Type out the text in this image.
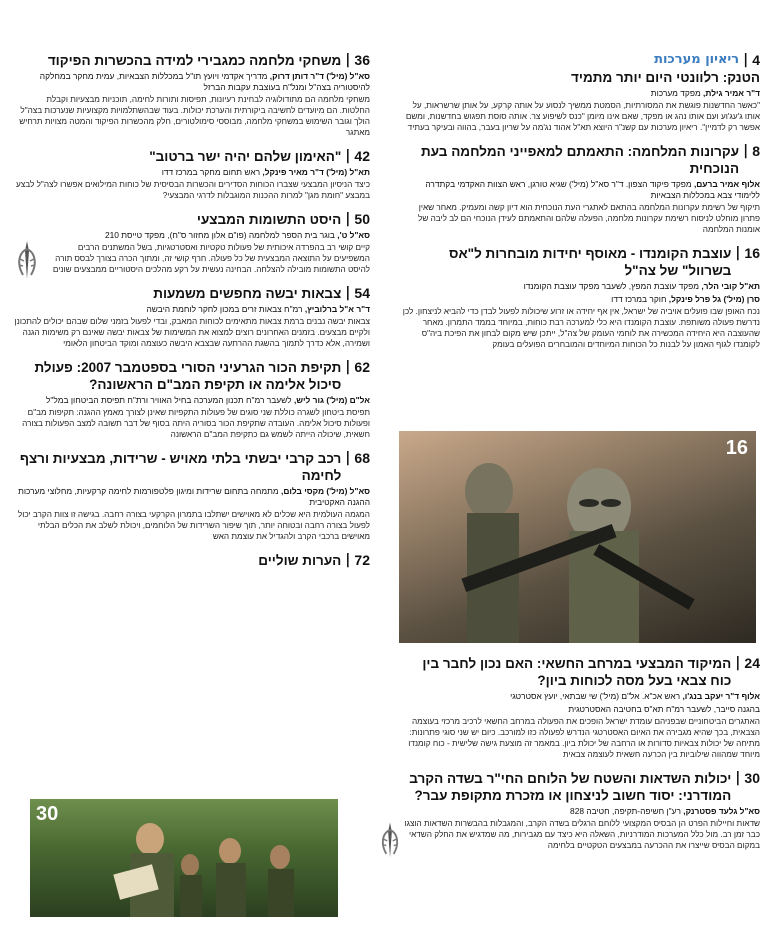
4
|
ריאיון מערכות
הטנק: רלוונטי היום יותר מתמיד
ד"ר אמיר גילת, מפקד מערכות
"כאשר החדשנות פוגשת את המסורתיות, הסמטת ממשיך לנסוע על אותה קרקע, על אותן שרשראות, על אותו ג'עג'וע ועם אותו נהג או מפקד, שאם אינו מיומן "כנס לשיפוע צר. אותה סוסת תפגוש בחדשנות, ומשם אפשר רק לדמיין". ריאיון מערכות עם קשנ"ר היוצא תא"ל אהוד נג'מה על שריון בעבר, בהווה ובעיקר בעתיד
8
|
עקרונות המלחמה: התאמתם למאפייני המלחמה בעת הנוכחית
אלוף אמיר ברעם, מפקד פיקוד הצפון. ד"ר סא"ל (מיל') שגיא טורגן, ראש הצוות האקדמי בקתדרה ללימודי צבא במכללות הצבאיות
תיקוף של רשימת עקרונות המלחמה בהתאם לאתגרי העת הנוכחית הוא דיון קשה ומעמיק. מאחר שאין פתרון מוחלט לניסוח רשימת עקרונות מלחמה, הפעלה שלהם והתאמתם לעידן הנוכחי הם לב ליבה של אומנות המלחמה
16
|
עוצבת הקומנדו - מאוסף יחידות מובחרות ל"אס בשרוול" של צה"ל
תא"ל קובי הלר, מפקד עוצבת המפץ, לשעבר מפקד עוצבת הקומנדו
סרן (מיל') גל פרל פינקל, חוקר במרכז דדו
נכח האופן שבו פועלים אויביה של ישראל, אין אף יחידה או זרוע שיכולות לפעול לבדן כדי להביא לניצחון. לכן נדרשת פעולה משותפת. עוצבת הקומנדו היא כלי למערכה רבת כוחות, במיוחד בממד התמרון. מאחר שהעוצבה היא היחידה המכשירה את לוחמי העומק של צה"ל, ייתכן שיש מקום לבחון את הפיכת ביה"ס לקומנדו לגוף האמון על לבנות כל הכוחות המיוחדים והמובחרים הפועלים בעומק
16
24
|
המיקוד המבצעי במרחב החשאי: האם נכון לחבר בין כוח צבאי בעל מסה לכוחות ביון?
אלוף ד"ר יעקב בנג'ו, ראש אכ"א. אל"ם (מיל') שי שבתאי, יועץ אסטרטגי
בהגנה סייבר, לשעבר רמ"ח תא"ס בחטיבה האסטרטגית
האתגרים הביטחוניים שבפניהם עומדת ישראל הופכים את הפעולה במרחב החשאי לרכיב מרכזי בעוצמה הצבאית, בכך שהיא מגבירה את האיום האסטרטגי הנדרש לפעולה כזו למורכב. כיום יש שני סוגי פתרונות: מתיחה של יכולות צבאיות סדורות או הרחבה של יכולת ביון. במאמר זה מוצעת גישה שלישית - כוח קומנדו מיוחד שמהווה שילוביות בין הכרעה חשאית לעוצמה צבאית
30
|
יכולות השדאות והשטח של הלוחם החי"ר בשדה הקרב המודרני: יסוד חשוב לניצחון או מזכרת מתקופת עבר?
סא"ל גלעד פסטרנק, רע"ן חשיפה-תקיפה, חטיבה 828
שדאות וחיילות הפרט הן הבסיס המקצועי ללוחם הרגלים בשדה הקרב, והמגבלות בהבשרות השדאות הוצגו כבר זמן רב. מול כלל המערכות המודרניות, השאלה היא כיצד עם מגבירות, מה שמדגיש את החלק השדאי במקום הבסיס שייצרו את ההכרעה במבצעים הטקטיים בלחימה
36
|
משחקי מלחמה כמגבירי למידה בהכשרות הפיקוד
סא"ל (מיל') ד"ר דותן דרוק, מדריך אקדמי ויועץ תו"ל במכללות הצבאיות, עמית מחקר במחלקה להיסטוריה בצה"ל ומנל"ח בעוצבת עקבות הברזל
משחקי מלחמה הם מתודולוגיה לבחינת רעיונות, תפיסות ותורות לחימה, תוכניות מבצעיות וקבלת החלטות. הם מיועדים לחשיבה ביקורתית והערכת יכולות. בעוד שבהשתלמויות מקצועיות שנערכות בצה"ל הולך וגובר השימוש במשחקי מלחמה, מבוססי סימולטורים, חלק מהכשרות הפיקוד והמטה מצויות תרחיש מאתגר
42
|
"האימון שלהם יהיה ישר ברטוב"
תא"ל (מיל') ד"ר מאיר פינקל, ראש תחום מחקר במרכז דדו
כיצד הניסיון המבצעי שצברו הכוחות הסדירים והכשרות הבסיסית של כוחות המילואים אפשרו לצה"ל לבצע במבצע "חומת מגן" למרות ההכנות המוגבלות לדרגי המבצעי?
50
|
היסט התשומות המבצעי
סא"ל ט', בוגר בית הספר למלחמה (פו"ם אלון מחזור ס"ח), מפקד טייסת 210
קיים קושי רב בהפרדה איכותית של פעולות טקטיות ואסטרטגיות, בשל המשתנים הרבים המשפיעים על התוצאה המבצעית של כל פעולה. חרף קושי זה, ומתוך הכרה בצורך לבסס תורה להיסט התשומות מובילה להצלחה. הבחינה נעשית על רקע מהלכים היסטוריים ממבצעים שונים
54
|
צבאות יבשה מחפשים משמעות
ד"ר א"ל ברלוביץ, רמ"ח צבאות זרים במכון לחקר לוחמת היבשה
צבאות יבשה נבנים ברמת צבאות מתאימים לכוחות המאבק, ובדי לפעול בזמני שלום שבהם יכולים להתכונן ולקיים מבצעים. בזמנים האחרונים רוצים למצוא את המשימות של צבאות יבשה שאינם רק משימות הגנה ושמירה, אלא כדרך לתמוך בהשגת ההרתעה שבצבא היבשה כעוצמה ומוקד הביטחון הלאומי
62
|
תקיפת הכור הגרעיני הסורי בספטמבר 2007: פעולת סיכול אלימה או תקיפת המב"ם הראשונה?
אל"ם (מיל') גור ליש, לשעבר רמ"ח תכנון המערכה בחיל האוויר ורת"ח תפיסת הביטחון במל"ל
תפיסת ביטחון לשגרה כוללת שני סוגים של פעולות התקפיות שאינן לצורך מאמץ ההגנה: תקיפות מב"ם ופעולות סיכול אלימה. העובדה שתקיפת הכור בסוריה היתה בסוף של דבר תשובה למצב הפעולות בצורה חשאית, שיכולה הייתה לשמש גם כתקיפת המב"ם הראשונה
68
|
רכב קרבי יבשתי בלתי מאויש - שרידות, מבצעיות ורצף לחימה
סא"ל (מיל') מקסי בלום, מתמחה בתחום שרידות ומיגון פלטפורמות לחימה קרקעיות, מחלוצי מערכות ההגנה האקטיבית
המגמה העולמית היא שכלים לא מאוישים ישתלבו בתמרון הקרקעי בצורה רחבה. בגישה זו צוות הקרב יכול לפעול בצורה רחבה ובטוחה יותר, תוך שיפור השרידות של הלוחמים, ויכולת לשלב את הכלים הבלתי מאוישים ברכבי הקרב ולהגדיל את עוצמת האש
72
|
הערות שוליים
30
